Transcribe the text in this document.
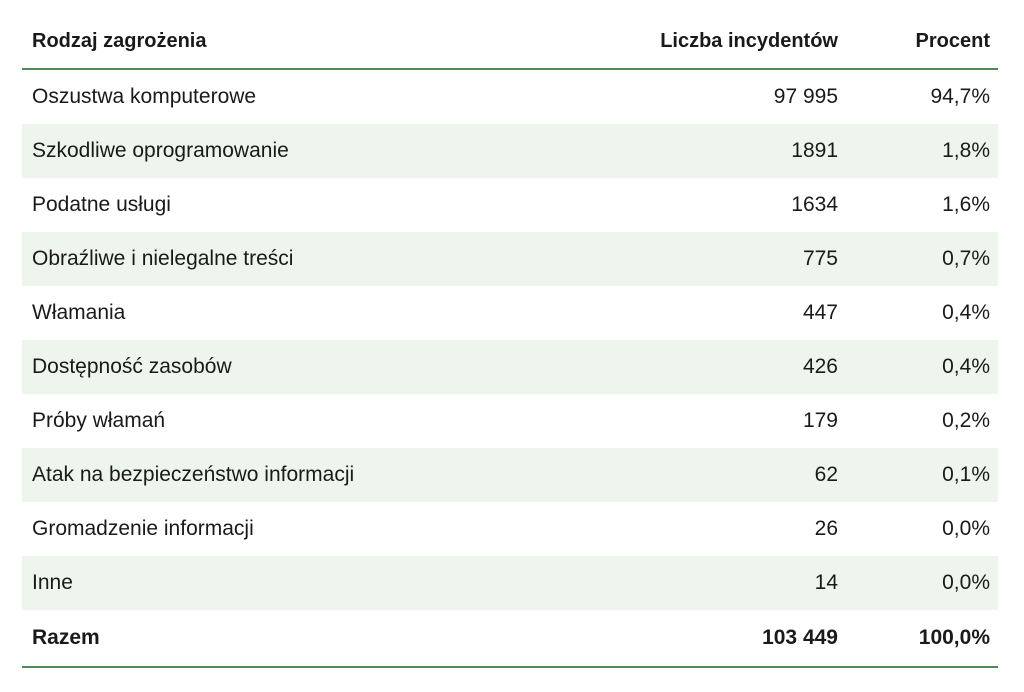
Rodzaj zagrożenia	Liczba incydentów	Procent
Oszustwa komputerowe	97 995	94,7%
Szkodliwe oprogramowanie	1891	1,8%
Podatne usługi	1634	1,6%
Obraźliwe i nielegalne treści	775	0,7%
Włamania	447	0,4%
Dostępność zasobów	426	0,4%
Próby włamań	179	0,2%
Atak na bezpieczeństwo informacji	62	0,1%
Gromadzenie informacji	26	0,0%
Inne	14	0,0%
Razem	103 449	100,0%
